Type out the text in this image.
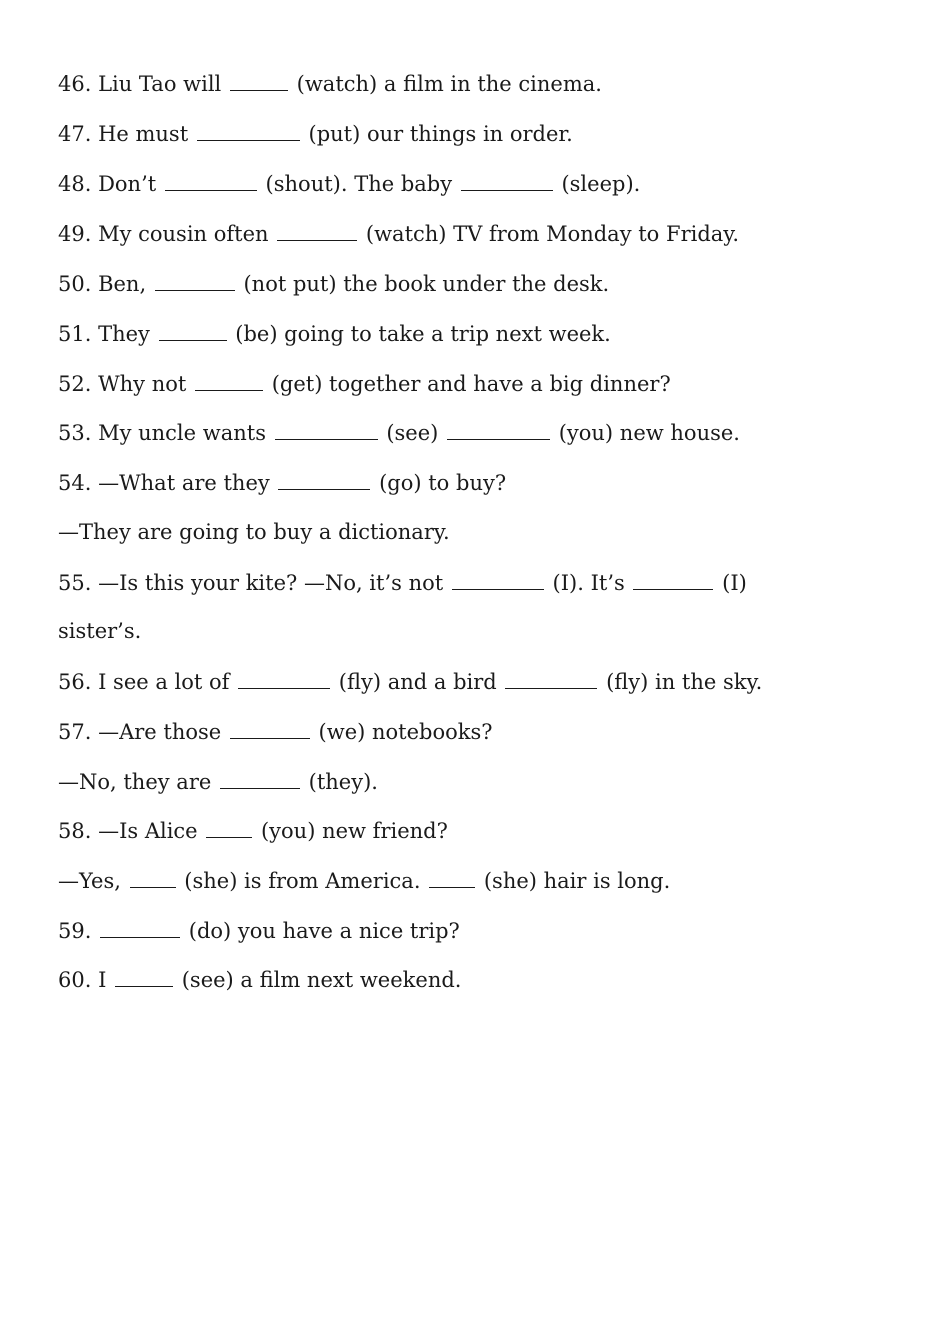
46. Liu Tao will	(watch) a film in the cinema.
47. He must	(put) our things in order.
48. Don’t	(shout). The baby	(sleep).
49. My cousin often	(watch) TV from Monday to Friday.
50. Ben,	(not put) the book under the desk.
51. They	(be) going to take a trip next week.
52. Why not	(get) together and have a big dinner?
53. My uncle wants	(see)	(you) new house.
54. —What are they	(go) to buy?
—They are going to buy a dictionary.
55. —Is this your kite? —No, it’s not	(I). It’s	(I)
sister’s.
56. I see a lot of	(fly) and a bird	(fly) in the sky.
57. —Are those	(we) notebooks?
—No, they are	(they).
58. —Is Alice  (you) new friend?
—Yes,  (she) is from America.  (she) hair is long.
59.	(do) you have a nice trip?
60. I	(see) a film next weekend.
